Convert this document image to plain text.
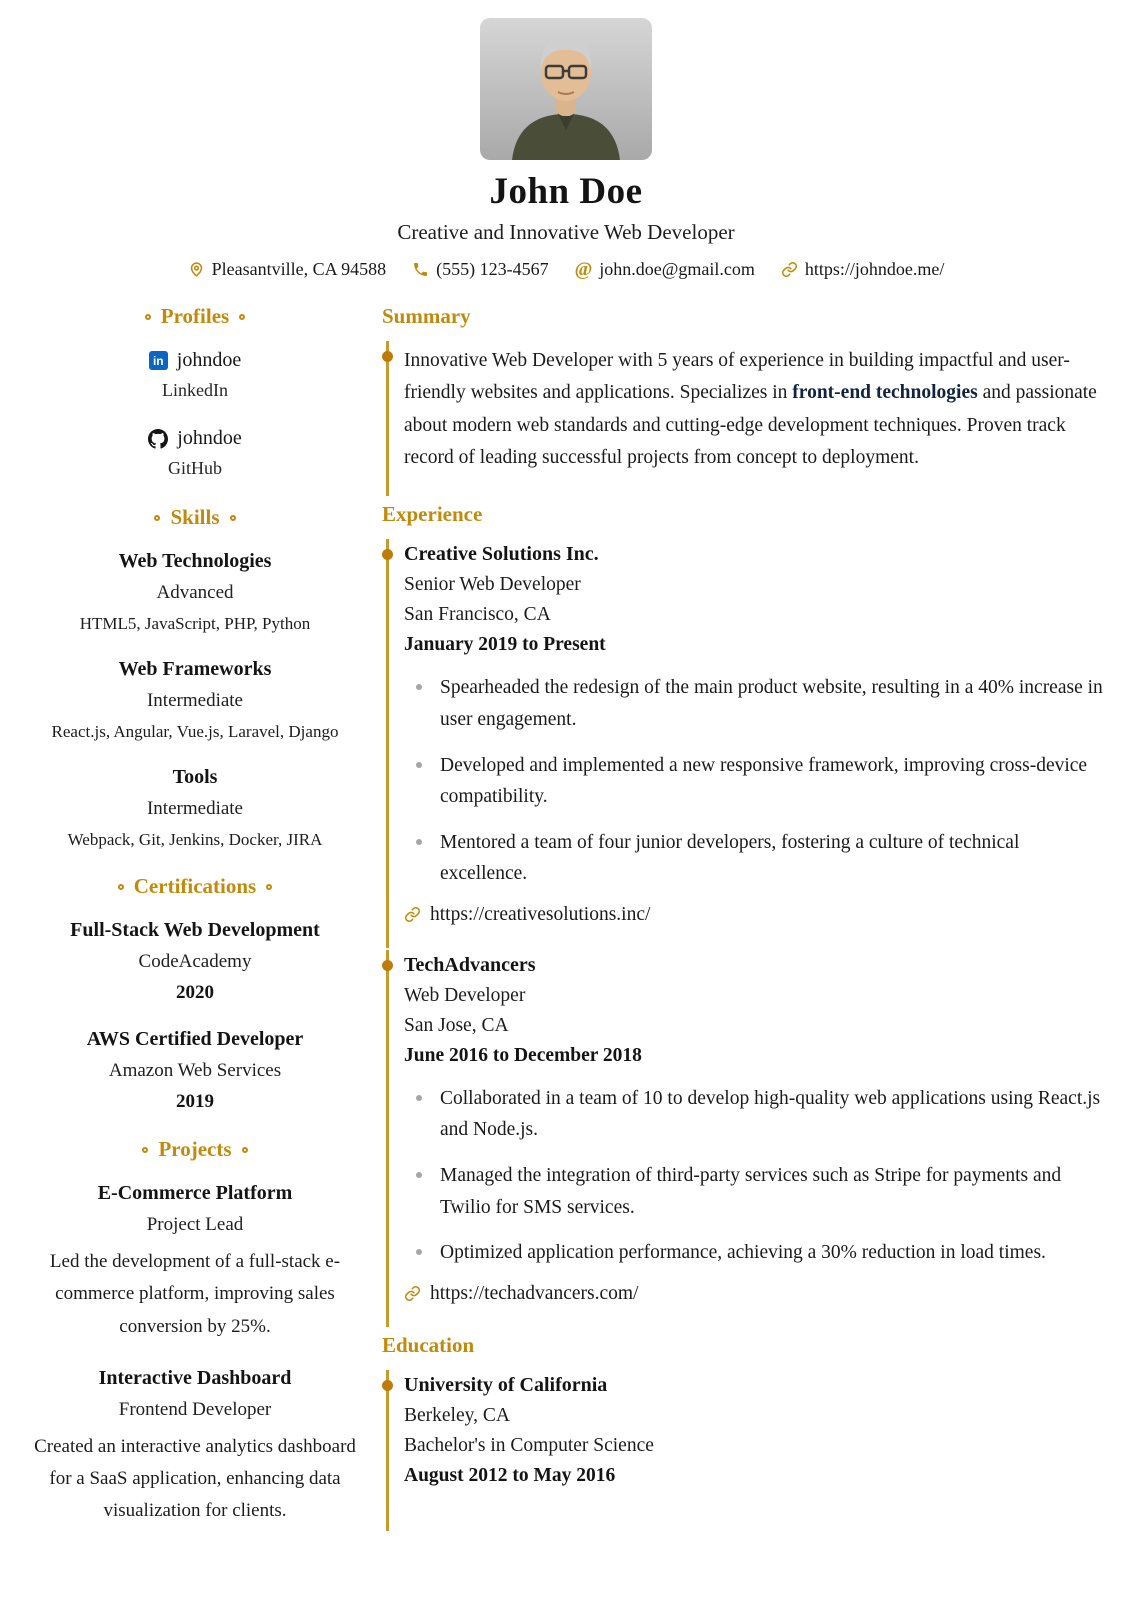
John Doe
Creative and Innovative Web Developer
Pleasantville, CA 94588	(555) 123-4567 @ john.doe@gmail.com	https://johndoe.me/
Profiles
in johndoe
LinkedIn
johndoe
GitHub
Skills
Web Technologies
Advanced
HTML5, JavaScript, PHP, Python
Web Frameworks
Intermediate
React.js, Angular, Vue.js, Laravel, Django
Tools
Intermediate
Webpack, Git, Jenkins, Docker, JIRA
Certifications
Full-Stack Web Development
CodeAcademy
2020
AWS Certified Developer
Amazon Web Services
2019
Projects
E-Commerce Platform
Project Lead
Led the development of a full-stack e-commerce platform, improving sales conversion by 25%.
Interactive Dashboard
Frontend Developer
Created an interactive analytics dashboard for a SaaS application, enhancing data visualization for clients.
Summary

Innovative Web Developer with 5 years of experience in building impactful and user-friendly websites and applications. Specializes in front-end technologies and passionate about modern web standards and cutting-edge development techniques. Proven track record of leading successful projects from concept to deployment.

Experience
Creative Solutions Inc.
Senior Web Developer
San Francisco, CA
January 2019 to Present
Spearheaded the redesign of the main product website, resulting in a 40% increase in user engagement.
Developed and implemented a new responsive framework, improving cross-device compatibility.
Mentored a team of four junior developers, fostering a culture of technical excellence.
https://creativesolutions.inc/
TechAdvancers
Web Developer
San Jose, CA
June 2016 to December 2018
Collaborated in a team of 10 to develop high-quality web applications using React.js and Node.js.
Managed the integration of third-party services such as Stripe for payments and Twilio for SMS services.
Optimized application performance, achieving a 30% reduction in load times.
https://techadvancers.com/
Education
University of California
Berkeley, CA
Bachelor's in Computer Science
August 2012 to May 2016
